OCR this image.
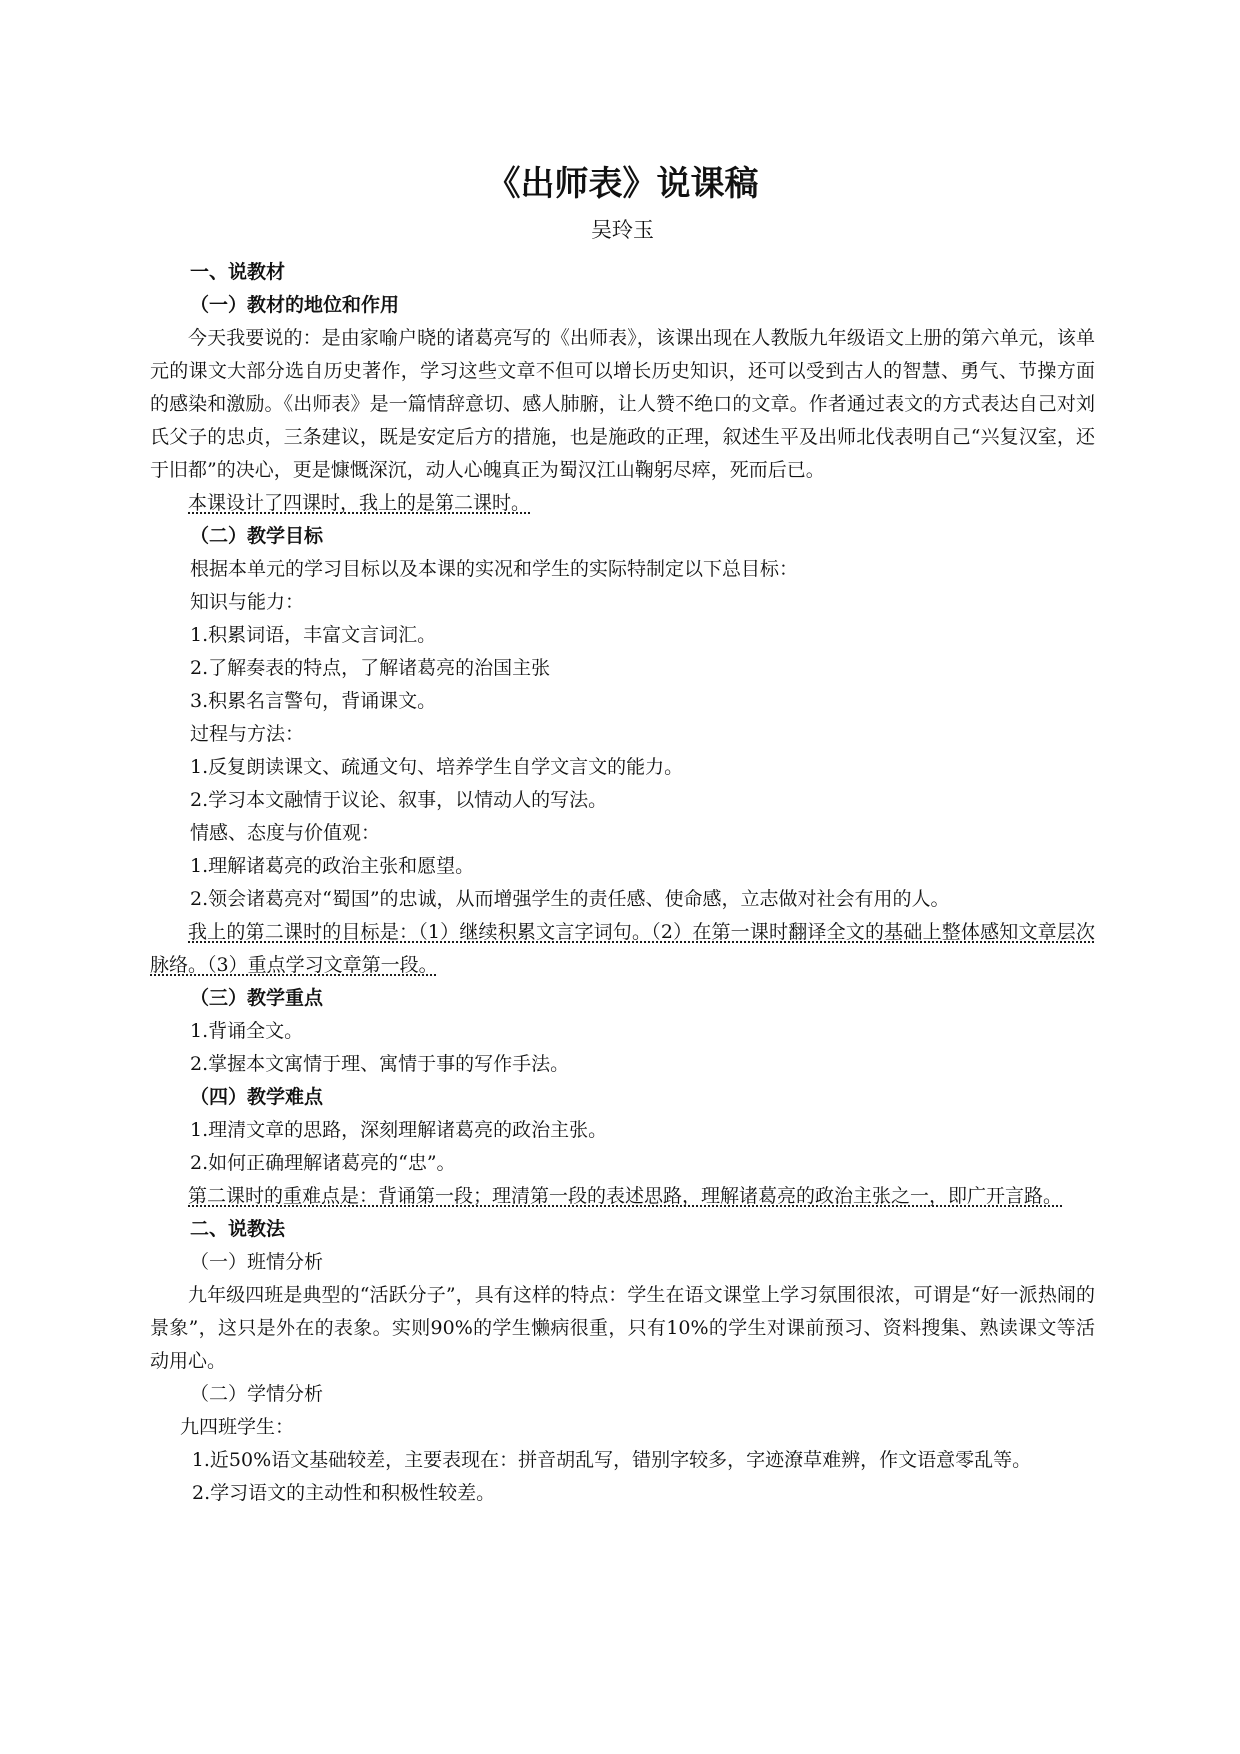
《出师表》说课稿
吴玲玉
一、说教材
（一）教材的地位和作用

今天我要说的：是由家喻户晓的诸葛亮写的《出师表》，该课出现在人教版九年级语文上册的第六单元，该单元的课文大部分选自历史著作，学习这些文章不但可以增长历史知识，还可以受到古人的智慧、勇气、节操方面的感染和激励。《出师表》是一篇情辞意切、感人肺腑，让人赞不绝口的文章。作者通过表文的方式表达自己对刘氏父子的忠贞，三条建议，既是安定后方的措施，也是施政的正理，叙述生平及出师北伐表明自己“兴复汉室，还于旧都”的决心，更是慷慨深沉，动人心魄真正为蜀汉江山鞠躬尽瘁，死而后已。

本课设计了四课时，我上的是第二课时。

（二）教学目标
根据本单元的学习目标以及本课的实况和学生的实际特制定以下总目标：
知识与能力：
1.积累词语，丰富文言词汇。
2.了解奏表的特点，了解诸葛亮的治国主张
3.积累名言警句，背诵课文。
过程与方法：
1.反复朗读课文、疏通文句、培养学生自学文言文的能力。
2.学习本文融情于议论、叙事，以情动人的写法。
情感、态度与价值观：
1.理解诸葛亮的政治主张和愿望。
2.领会诸葛亮对“蜀国”的忠诚，从而增强学生的责任感、使命感，立志做对社会有用的人。

我上的第二课时的目标是：（1）继续积累文言字词句。（2）在第一课时翻译全文的基础上整体感知文章层次脉络。（3）重点学习文章第一段。

（三）教学重点
1.背诵全文。
2.掌握本文寓情于理、寓情于事的写作手法。
（四）教学难点
1.理清文章的思路，深刻理解诸葛亮的政治主张。
2.如何正确理解诸葛亮的“忠”。

第二课时的重难点是：背诵第一段；理清第一段的表述思路，理解诸葛亮的政治主张之一，即广开言路。

二、说教法
（一）班情分析

九年级四班是典型的“活跃分子”，具有这样的特点：学生在语文课堂上学习氛围很浓，可谓是“好一派热闹的景象”，这只是外在的表象。实则90%的学生懒病很重，只有10%的学生对课前预习、资料搜集、熟读课文等活动用心。

（二）学情分析
九四班学生：

1.近50%语文基础较差，主要表现在：拼音胡乱写，错别字较多，字迹潦草难辨，作文语意零乱等。

2.学习语文的主动性和积极性较差。
